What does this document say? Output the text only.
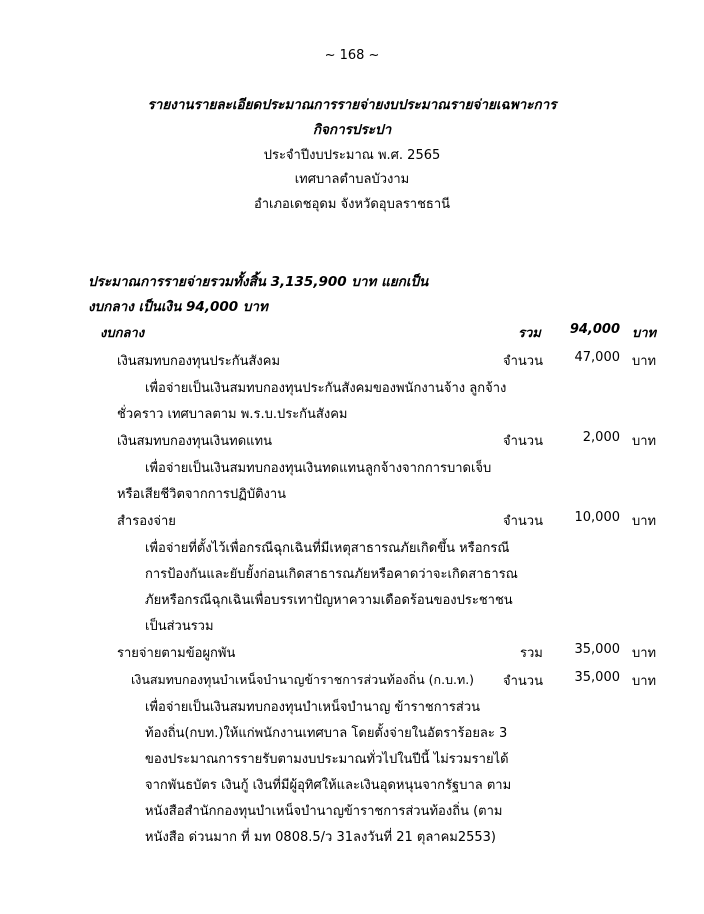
~ 168 ~
รายงานรายละเอียดประมาณการรายจ่ายงบประมาณรายจ่ายเฉพาะการ
กิจการประปา
ประจำปีงบประมาณ พ.ศ. 2565
เทศบาลตำบลบัวงาม
อำเภอเดชอุดม จังหวัดอุบลราชธานี
ประมาณการรายจ่ายรวมทั้งสิ้น 3,135,900 บาท แยกเป็น
งบกลาง เป็นเงิน 94,000 บาท
งบกลาง	รวม	94,000 บาท
เงินสมทบกองทุนประกันสังคม	จำนวน	47,000 บาท
เพื่อจ่ายเป็นเงินสมทบกองทุนประกันสังคมของพนักงานจ้าง ลูกจ้าง
ชั่วคราว เทศบาลตาม พ.ร.บ.ประกันสังคม
เงินสมทบกองทุนเงินทดแทน	จำนวน	2,000 บาท
เพื่อจ่ายเป็นเงินสมทบกองทุนเงินทดแทนลูกจ้างจากการบาดเจ็บ
หรือเสียชีวิตจากการปฏิบัติงาน
สำรองจ่าย	จำนวน	10,000 บาท
เพื่อจ่ายที่ตั้งไว้เพื่อกรณีฉุกเฉินที่มีเหตุสาธารณภัยเกิดขึ้น หรือกรณี
การป้องกันและยับยั้งก่อนเกิดสาธารณภัยหรือคาดว่าจะเกิดสาธารณ
ภัยหรือกรณีฉุกเฉินเพื่อบรรเทาปัญหาความเดือดร้อนของประชาชน
เป็นส่วนรวม
รายจ่ายตามข้อผูกพัน	รวม	35,000 บาท
เงินสมทบกองทุนบำเหน็จบำนาญข้าราชการส่วนท้องถิ่น (ก.บ.ท.) จำนวน	35,000 บาท
เพื่อจ่ายเป็นเงินสมทบกองทุนบำเหน็จบำนาญ ข้าราชการส่วน
ท้องถิ่น(กบท.)ให้แก่พนักงานเทศบาล โดยตั้งจ่ายในอัตราร้อยละ 3
ของประมาณการรายรับตามงบประมาณทั่วไปในปีนี้ ไม่รวมรายได้
จากพันธบัตร เงินกู้ เงินที่มีผู้อุทิศให้และเงินอุดหนุนจากรัฐบาล ตาม
หนังสือสำนักกองทุนบำเหน็จบำนาญข้าราชการส่วนท้องถิ่น (ตาม
หนังสือ ด่วนมาก ที่ มท 0808.5/ว 31ลงวันที่ 21 ตุลาคม2553)
